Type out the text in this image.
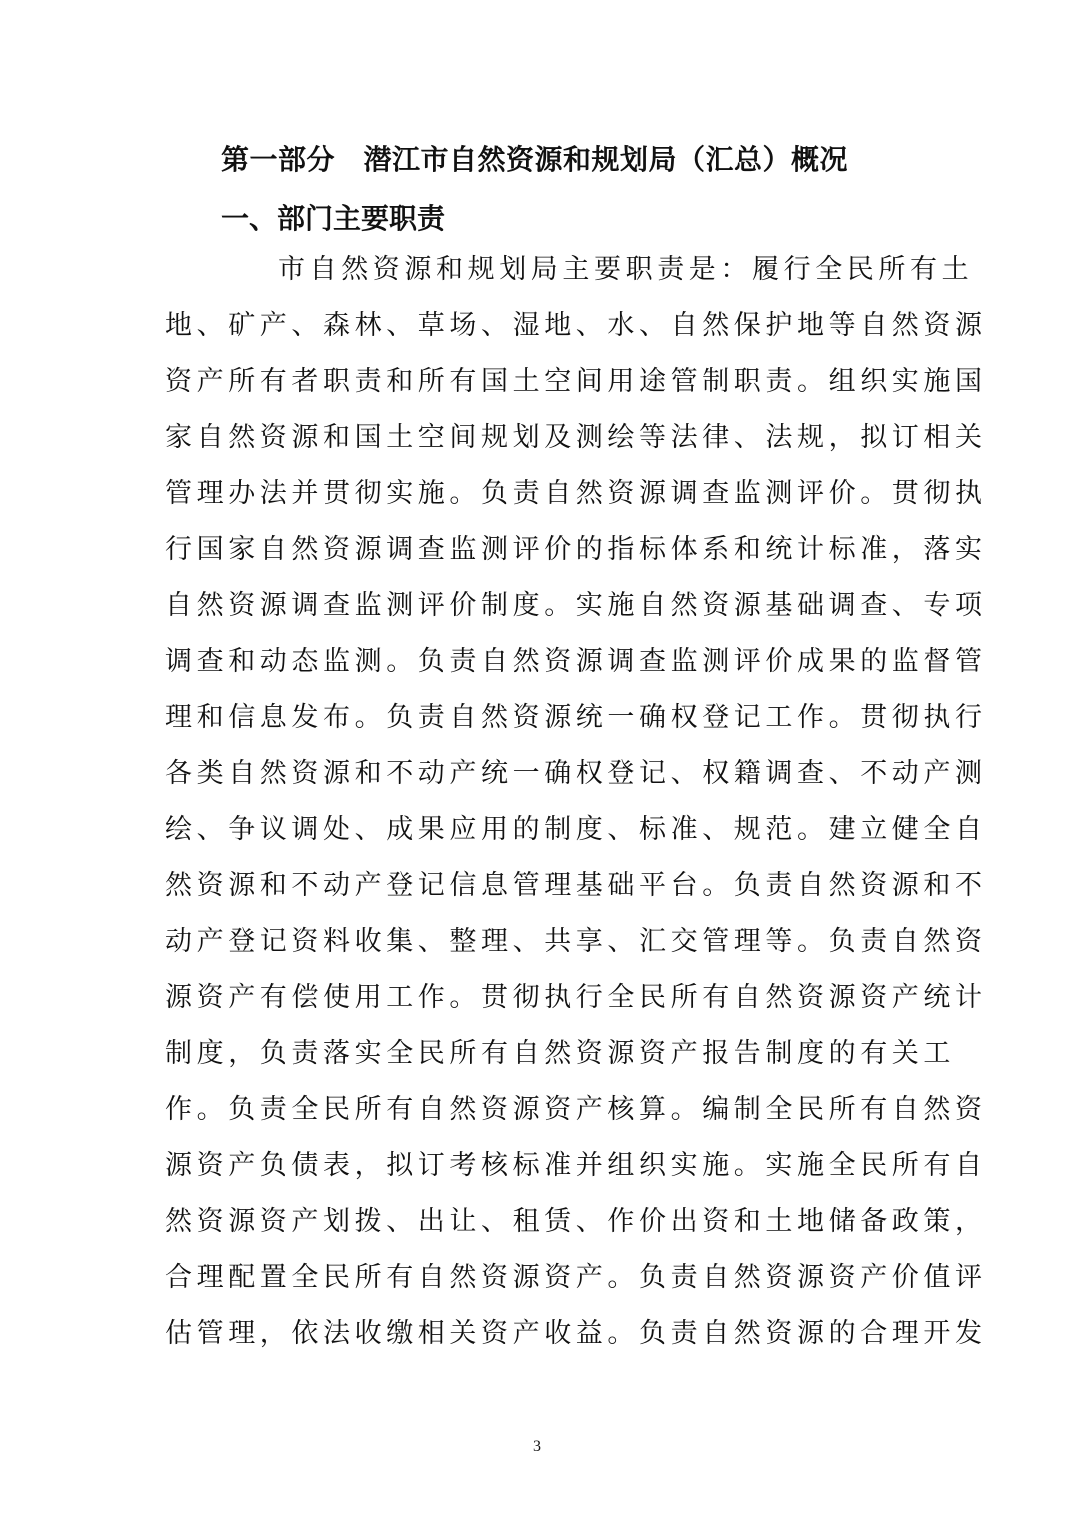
第一部分　潜江市自然资源和规划局（汇总）概况
一、部门主要职责
市自然资源和规划局主要职责是：履行全民所有土
地、矿产、森林、草场、湿地、水、自然保护地等自然资源
资产所有者职责和所有国土空间用途管制职责。组织实施国
家自然资源和国土空间规划及测绘等法律、法规，拟订相关
管理办法并贯彻实施。负责自然资源调查监测评价。贯彻执
行国家自然资源调查监测评价的指标体系和统计标准，落实
自然资源调查监测评价制度。实施自然资源基础调查、专项
调查和动态监测。负责自然资源调查监测评价成果的监督管
理和信息发布。负责自然资源统一确权登记工作。贯彻执行
各类自然资源和不动产统一确权登记、权籍调查、不动产测
绘、争议调处、成果应用的制度、标准、规范。建立健全自
然资源和不动产登记信息管理基础平台。负责自然资源和不
动产登记资料收集、整理、共享、汇交管理等。负责自然资
源资产有偿使用工作。贯彻执行全民所有自然资源资产统计
制度，负责落实全民所有自然资源资产报告制度的有关工
作。负责全民所有自然资源资产核算。编制全民所有自然资
源资产负债表，拟订考核标准并组织实施。实施全民所有自
然资源资产划拨、出让、租赁、作价出资和土地储备政策，
合理配置全民所有自然资源资产。负责自然资源资产价值评
估管理，依法收缴相关资产收益。负责自然资源的合理开发
3
